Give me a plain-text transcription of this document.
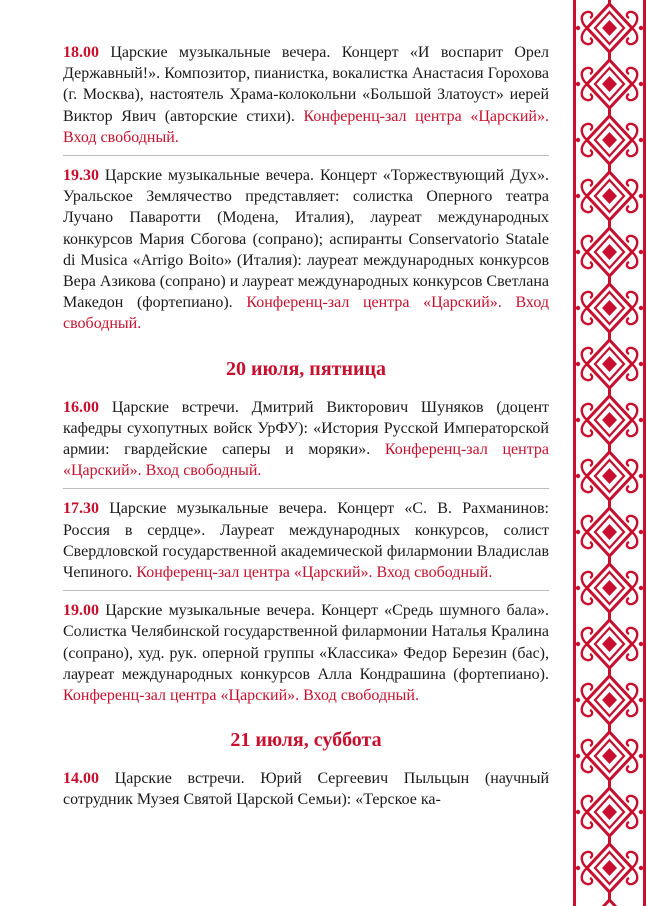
18.00 Царские музыкальные вечера. Концерт «И воспарит Орел Державный!». Композитор, пианистка, вокалистка Анастасия Горохова (г. Москва), настоятель Храма-колокольни «Большой Златоуст» иерей Виктор Явич (авторские стихи). Конференц-зал центра «Царский». Вход свободный.

19.30 Царские музыкальные вечера. Концерт «Торжествующий Дух». Уральское Землячество представляет: солистка Оперного театра Лучано Паваротти (Модена, Италия), лауреат международных конкурсов Мария Сбогова (сопрано); аспиранты Conservatorio Statale di Musica «Arrigo Boito» (Италия): лауреат международных конкурсов Вера Азикова (сопрано) и лауреат международных конкурсов Светлана Македон (фортепиано). Конференц-зал центра «Царский». Вход свободный.

20 июля, пятница

16.00 Царские встречи. Дмитрий Викторович Шуняков (доцент кафедры сухопутных войск УрФУ): «История Русской Императорской армии: гвардейские саперы и моряки». Конференц-зал центра «Царский». Вход свободный.

17.30 Царские музыкальные вечера. Концерт «С. В. Рахманинов: Россия в сердце». Лауреат международных конкурсов, солист Свердловской государственной академической филармонии Владислав Чепиного. Конференц-зал центра «Царский». Вход свободный.

19.00 Царские музыкальные вечера. Концерт «Средь шумного бала». Солистка Челябинской государственной филармонии Наталья Кралина (сопрано), худ. рук. оперной группы «Классика» Федор Березин (бас), лауреат международных конкурсов Алла Кондрашина (фортепиано). Конференц-зал центра «Царский». Вход свободный.

21 июля, суббота

14.00 Царские встречи. Юрий Сергеевич Пыльцын (научный сотрудник Музея Святой Царской Семьи): «Терское ка-
